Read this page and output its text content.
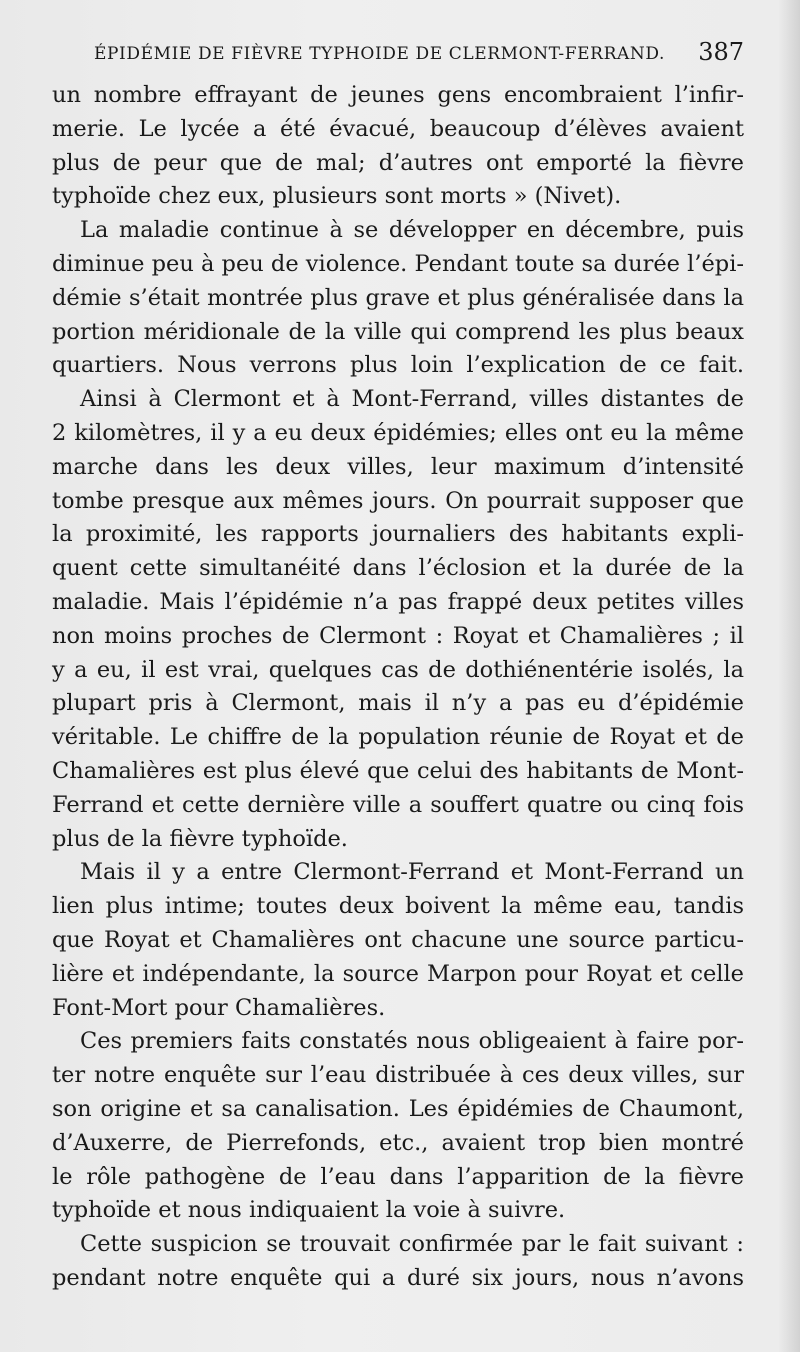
ÉPIDÉMIE DE FIÈVRE TYPHOIDE DE CLERMONT-FERRAND. 387
un nombre effrayant de jeunes gens encombraient l’infir-
merie. Le lycée a été évacué, beaucoup d’élèves avaient
plus de peur que de mal; d’autres ont emporté la fièvre
typhoïde chez eux, plusieurs sont morts » (Nivet).
La maladie continue à se développer en décembre, puis
diminue peu à peu de violence. Pendant toute sa durée l’épi-
démie s’était montrée plus grave et plus généralisée dans la
portion méridionale de la ville qui comprend les plus beaux
quartiers. Nous verrons plus loin l’explication de ce fait.
Ainsi à Clermont et à Mont-Ferrand, villes distantes de
2 kilomètres, il y a eu deux épidémies; elles ont eu la même
marche dans les deux villes, leur maximum d’intensité
tombe presque aux mêmes jours. On pourrait supposer que
la proximité, les rapports journaliers des habitants expli-
quent cette simultanéité dans l’éclosion et la durée de la
maladie. Mais l’épidémie n’a pas frappé deux petites villes
non moins proches de Clermont : Royat et Chamalières ; il
y a eu, il est vrai, quelques cas de dothiénentérie isolés, la
plupart pris à Clermont, mais il n’y a pas eu d’épidémie
véritable. Le chiffre de la population réunie de Royat et de
Chamalières est plus élevé que celui des habitants de Mont-
Ferrand et cette dernière ville a souffert quatre ou cinq fois
plus de la fièvre typhoïde.
Mais il y a entre Clermont-Ferrand et Mont-Ferrand un
lien plus intime; toutes deux boivent la même eau, tandis
que Royat et Chamalières ont chacune une source particu-
lière et indépendante, la source Marpon pour Royat et celle
Font-Mort pour Chamalières.
Ces premiers faits constatés nous obligeaient à faire por-
ter notre enquête sur l’eau distribuée à ces deux villes, sur
son origine et sa canalisation. Les épidémies de Chaumont,
d’Auxerre, de Pierrefonds, etc., avaient trop bien montré
le rôle pathogène de l’eau dans l’apparition de la fièvre
typhoïde et nous indiquaient la voie à suivre.
Cette suspicion se trouvait confirmée par le fait suivant :
pendant notre enquête qui a duré six jours, nous n’avons
